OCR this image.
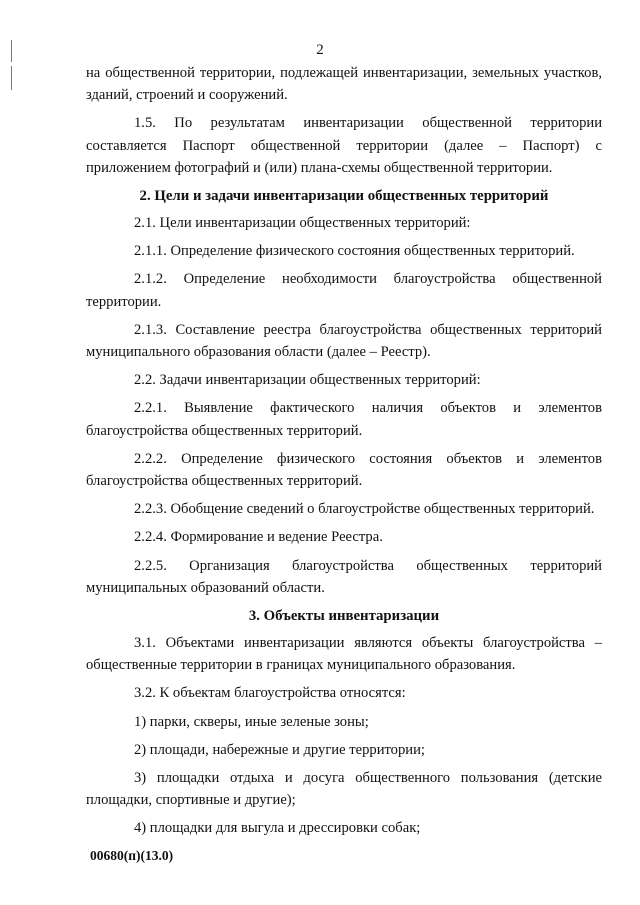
2

на общественной территории, подлежащей инвентаризации, земельных участков, зданий, строений и сооружений.

1.5. По результатам инвентаризации общественной территории составляется Паспорт общественной территории (далее – Паспорт) с приложением фотографий и (или) плана-схемы общественной территории.

2. Цели и задачи инвентаризации общественных территорий

2.1. Цели инвентаризации общественных территорий:

2.1.1. Определение физического состояния общественных территорий.

2.1.2. Определение необходимости благоустройства общественной территории.

2.1.3. Составление реестра благоустройства общественных территорий муниципального образования области (далее – Реестр).

2.2. Задачи инвентаризации общественных территорий:

2.2.1. Выявление фактического наличия объектов и элементов благоустройства общественных территорий.

2.2.2. Определение физического состояния объектов и элементов благоустройства общественных территорий.

2.2.3. Обобщение сведений о благоустройстве общественных территорий.

2.2.4. Формирование и ведение Реестра.

2.2.5. Организация благоустройства общественных территорий муниципальных образований области.

3. Объекты инвентаризации

3.1. Объектами инвентаризации являются объекты благоустройства – общественные территории в границах муниципального образования.

3.2. К объектам благоустройства относятся:

1) парки, скверы, иные зеленые зоны;

2) площади, набережные и другие территории;

3) площадки отдыха и досуга общественного пользования (детские площадки, спортивные и другие);

4) площадки для выгула и дрессировки собак;

00680(п)(13.0)
